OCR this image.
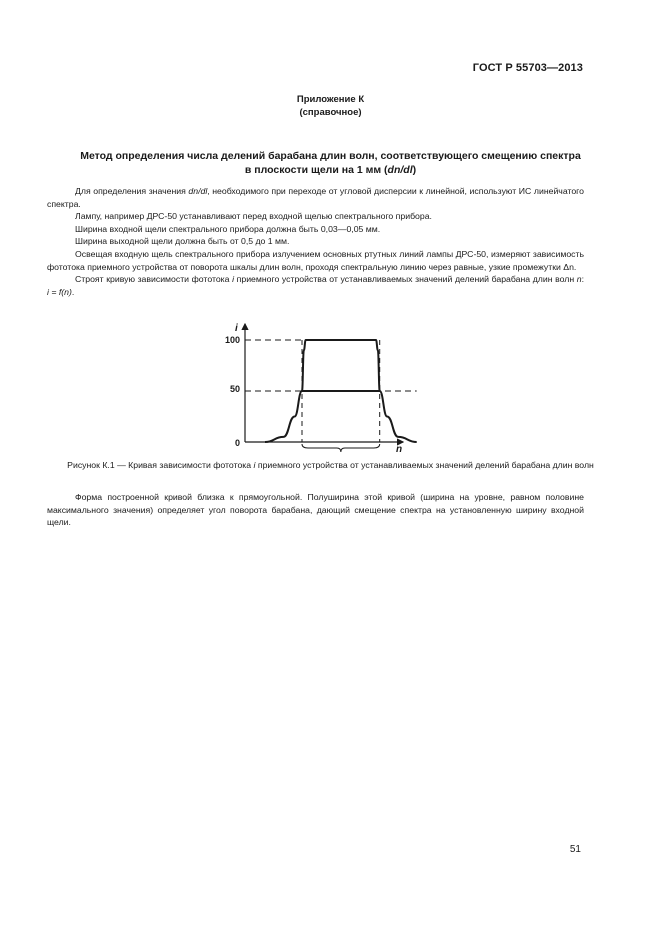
ГОСТ Р 55703—2013
Приложение К
(справочное)
Метод определения числа делений барабана длин волн, соответствующего смещению спектра
в плоскости щели на 1 мм (dn/dl)

Для определения значения dn/dl, необходимого при переходе от угловой дисперсии к линейной, используют ИС линейчатого спектра.

Лампу, например ДРС-50 устанавливают перед входной щелью спектрального прибора.

Ширина входной щели спектрального прибора должна быть 0,03—0,05 мм.

Ширина выходной щели должна быть от 0,5 до 1 мм.

Освещая входную щель спектрального прибора излучением основных ртутных линий лампы ДРС-50, измеряют зависимость фототока приемного устройства от поворота шкалы длин волн, проходя спектральную линию через равные, узкие промежутки Δn.

Строят кривую зависимости фототока i приемного устройства от устанавливаемых значений делений барабана длин волн n: i = f(n).

i
n
100
50
0
Рисунок К.1 — Кривая зависимости фототока i приемного устройства от устанавливаемых значений делений барабана длин волн

Форма построенной кривой близка к прямоугольной. Полуширина этой кривой (ширина на уровне, равном половине максимального значения) определяет угол поворота барабана, дающий смещение спектра на установленную ширину входной щели.

51
